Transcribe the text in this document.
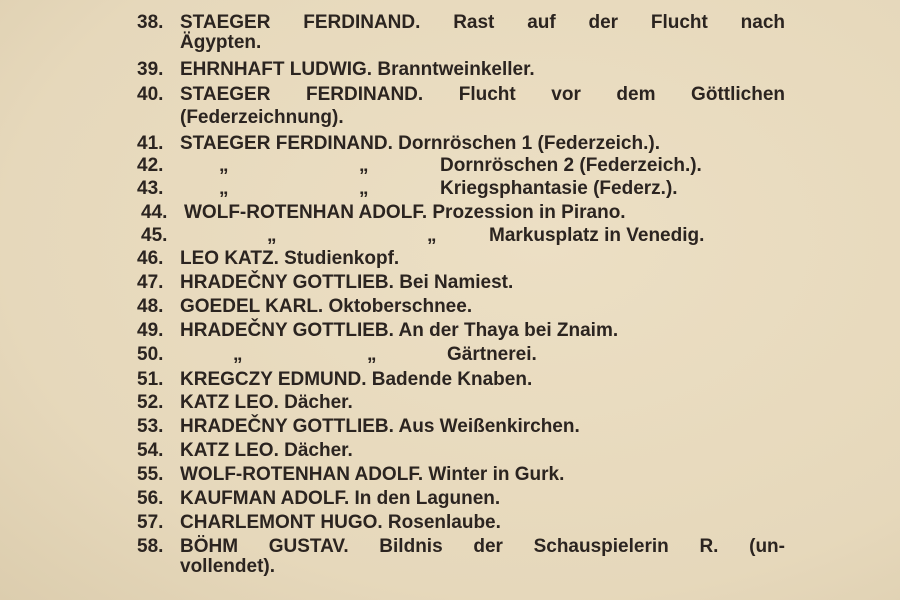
38. STAEGER FERDINAND. Rast auf der Flucht nach
Ägypten.
39. EHRNHAFT LUDWIG. Branntweinkeller.
40. STAEGER FERDINAND. Flucht vor dem Göttlichen
(Federzeichnung).
41. STAEGER FERDINAND. Dornröschen 1 (Federzeich.).
42.	„	„	Dornröschen 2 (Federzeich.).
43.	„	„	Kriegsphantasie (Federz.).
44. WOLF-ROTENHAN ADOLF. Prozession in Pirano.
45.	„	„	Markusplatz in Venedig.
46. LEO KATZ. Studienkopf.
47. HRADEČNY GOTTLIEB. Bei Namiest.
48. GOEDEL KARL. Oktoberschnee.
49. HRADEČNY GOTTLIEB. An der Thaya bei Znaim.
50.	„	„	Gärtnerei.
51. KREGCZY EDMUND. Badende Knaben.
52. KATZ LEO. Dächer.
53. HRADEČNY GOTTLIEB. Aus Weißenkirchen.
54. KATZ LEO. Dächer.
55. WOLF-ROTENHAN ADOLF. Winter in Gurk.
56. KAUFMAN ADOLF. In den Lagunen.
57. CHARLEMONT HUGO. Rosenlaube.
58. BÖHM GUSTAV. Bildnis der Schauspielerin R. (un-
vollendet).
